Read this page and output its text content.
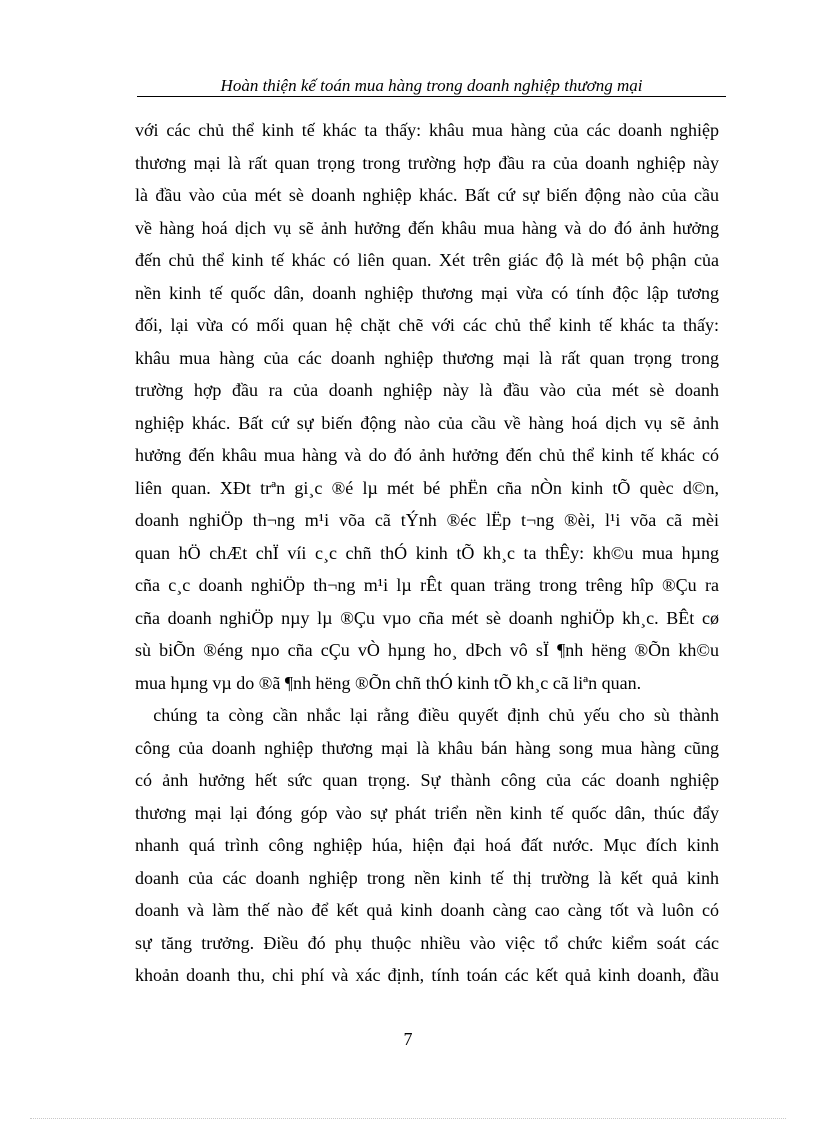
Hoàn thiện kế toán mua hàng trong doanh nghiệp thương mại
với các chủ thể kinh tế khác ta thấy: khâu mua hàng của các doanh nghiệp
thương mại là rất quan trọng trong trường hợp đầu ra của doanh nghiệp này
là đầu vào của mét sè doanh nghiệp khác. Bất cứ sự biến động nào của cầu
về hàng hoá dịch vụ sẽ ảnh hưởng đến khâu mua hàng và do đó ảnh hưởng
đến chủ thể kinh tế khác có liên quan. Xét trên giác độ là mét bộ phận của
nền kinh tế quốc dân, doanh nghiệp thương mại vừa có tính độc lập tương
đối, lại vừa có mối quan hệ chặt chẽ với các chủ thể kinh tế khác ta thấy:
khâu mua hàng của các doanh nghiệp thương mại là rất quan trọng trong
trường hợp đầu ra của doanh nghiệp này là đầu vào của mét sè doanh
nghiệp khác. Bất cứ sự biến động nào của cầu về hàng hoá dịch vụ sẽ ảnh
hưởng đến khâu mua hàng và do đó ảnh hưởng đến chủ thể kinh tế khác có
liên quan. XÐt trªn gi¸c ®é lµ mét bé phËn cña nÒn kinh tÕ quèc d©n,
doanh nghiÖp th¬ng m¹i võa cã tÝnh ®éc lËp t¬ng ®èi, l¹i võa cã mèi
quan hÖ chÆt chÏ víi c¸c chñ thÓ kinh tÕ kh¸c ta thÊy: kh©u mua hµng
cña c¸c doanh nghiÖp th¬ng m¹i lµ rÊt quan träng trong trêng hîp ®Çu ra
cña doanh nghiÖp nµy lµ ®Çu vµo cña mét sè doanh nghiÖp kh¸c. BÊt cø
sù biÕn ®éng nµo cña cÇu vÒ hµng ho¸ dÞch vô sÏ ¶nh hëng ®Õn kh©u
mua hµng vµ do ®ã ¶nh hëng ®Õn chñ thÓ kinh tÕ kh¸c cã liªn quan.
chúng ta còng cần nhắc lại rằng điều quyết định chủ yếu cho sù thành
công của doanh nghiệp thương mại là khâu bán hàng song mua hàng cũng
có ảnh hưởng hết sức quan trọng. Sự thành công của các doanh nghiệp
thương mại lại đóng góp vào sự phát triển nền kinh tế quốc dân, thúc đẩy
nhanh quá trình công nghiệp húa, hiện đại hoá đất nước. Mục đích kinh
doanh của các doanh nghiệp trong nền kinh tế thị trường là kết quả kinh
doanh và làm thế nào để kết quả kinh doanh càng cao càng tốt và luôn có
sự tăng trưởng. Điều đó phụ thuộc nhiều vào việc tổ chức kiểm soát các
khoản doanh thu, chi phí và xác định, tính toán các kết quả kinh doanh, đầu
7
